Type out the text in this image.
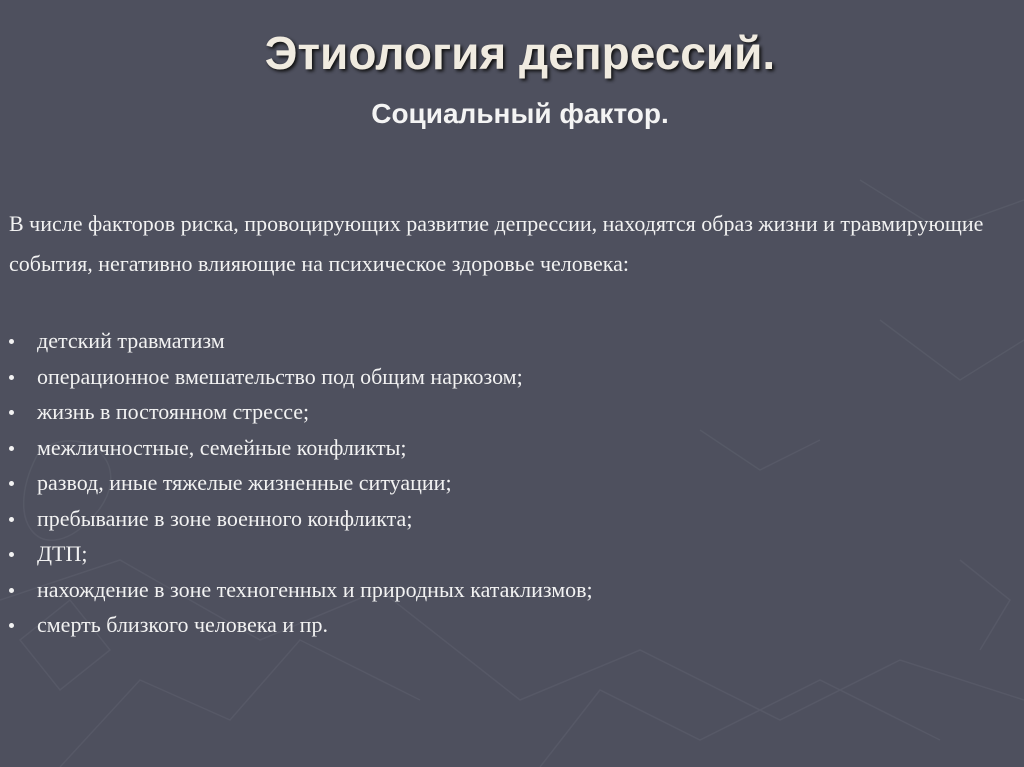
Этиология депрессий.
Социальный фактор.

В числе факторов риска, провоцирующих развитие депрессии, находятся образ жизни и травмирующие события, негативно влияющие на психическое здоровье человека:

детский травматизм
операционное вмешательство под общим наркозом;
жизнь в постоянном стрессе;
межличностные, семейные конфликты;
развод, иные тяжелые жизненные ситуации;
пребывание в зоне военного конфликта;
ДТП;
нахождение в зоне техногенных и природных катаклизмов;
смерть близкого человека и пр.
